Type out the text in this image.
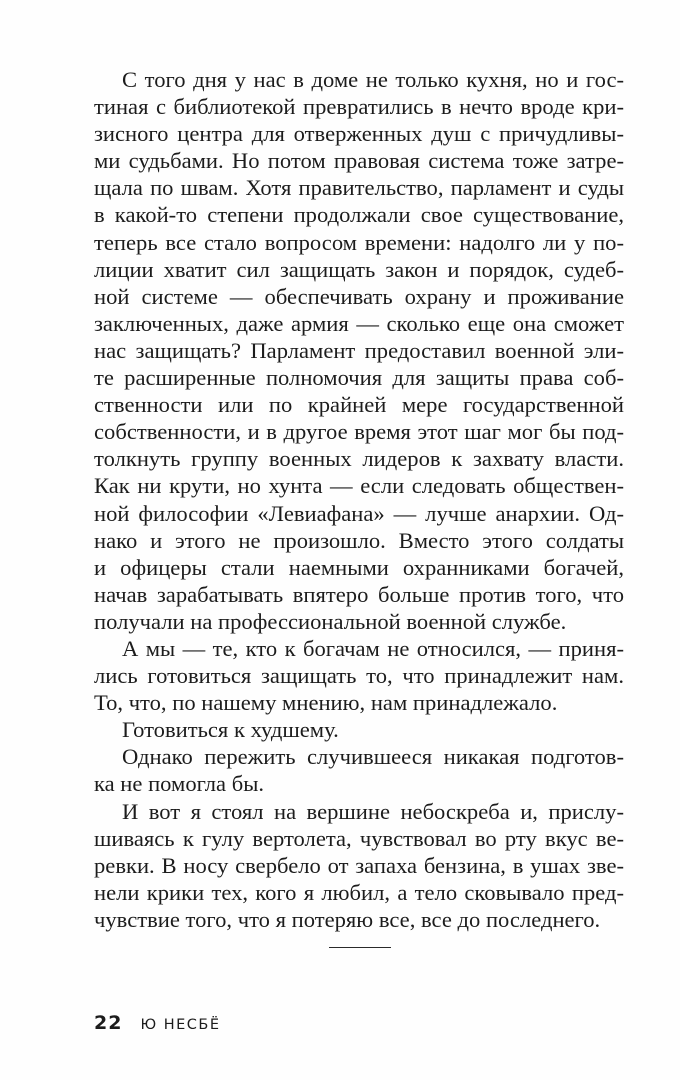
С того дня у нас в доме не только кухня, но и гос-
тиная с библиотекой превратились в нечто вроде кри-
зисного центра для отверженных душ с причудливы-
ми судьбами. Но потом правовая система тоже затре-
щала по швам. Хотя правительство, парламент и суды
в какой-то степени продолжали свое существование,
теперь все стало вопросом времени: надолго ли у по-
лиции хватит сил защищать закон и порядок, судеб-
ной системе — обеспечивать охрану и проживание
заключенных, даже армия — сколько еще она сможет
нас защищать? Парламент предоставил военной эли-
те расширенные полномочия для защиты права соб-
ственности или по крайней мере государственной
собственности, и в другое время этот шаг мог бы под-
толкнуть группу военных лидеров к захвату власти.
Как ни крути, но хунта — если следовать обществен-
ной философии «Левиафана» — лучше анархии. Од-
нако и этого не произошло. Вместо этого солдаты
и офицеры стали наемными охранниками богачей,
начав зарабатывать впятеро больше против того, что
получали на профессиональной военной службе.
А мы — те, кто к богачам не относился, — приня-
лись готовиться защищать то, что принадлежит нам.
То, что, по нашему мнению, нам принадлежало.
Готовиться к худшему.
Однако пережить случившееся никакая подготов-
ка не помогла бы.
И вот я стоял на вершине небоскреба и, прислу-
шиваясь к гулу вертолета, чувствовал во рту вкус ве-
ревки. В носу свербело от запаха бензина, в ушах зве-
нели крики тех, кого я любил, а тело сковывало пред-
чувствие того, что я потеряю все, все до последнего.
22 Ю НЕСБЁ
